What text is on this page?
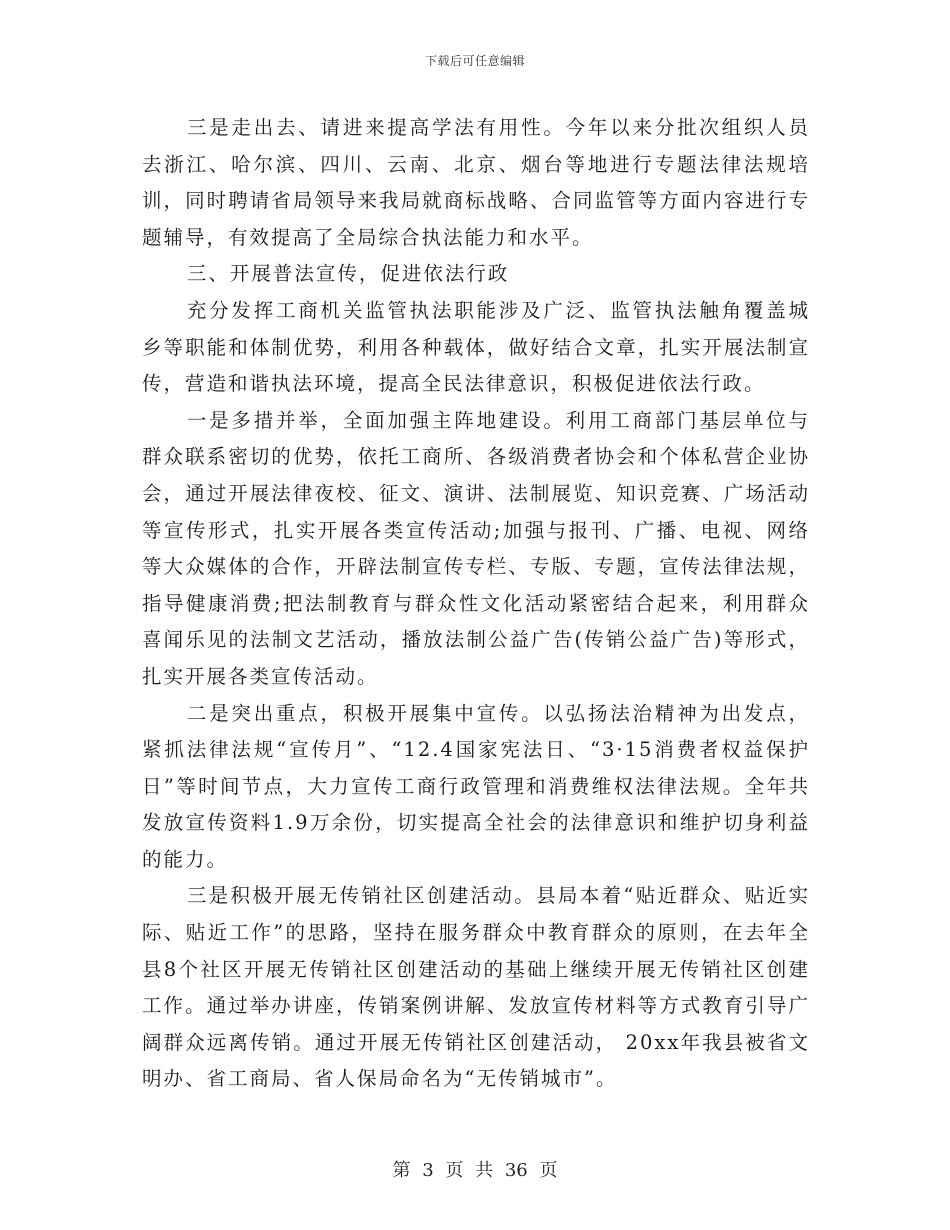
下载后可任意编辑

三是走出去、请进来提高学法有用性。今年以来分批次组织人员去浙江、哈尔滨、四川、云南、北京、烟台等地进行专题法律法规培训，同时聘请省局领导来我局就商标战略、合同监管等方面内容进行专题辅导，有效提高了全局综合执法能力和水平。

三、开展普法宣传，促进依法行政

充分发挥工商机关监管执法职能涉及广泛、监管执法触角覆盖城乡等职能和体制优势，利用各种载体，做好结合文章，扎实开展法制宣传，营造和谐执法环境，提高全民法律意识，积极促进依法行政。

一是多措并举，全面加强主阵地建设。利用工商部门基层单位与群众联系密切的优势，依托工商所、各级消费者协会和个体私营企业协会，通过开展法律夜校、征文、演讲、法制展览、知识竞赛、广场活动等宣传形式，扎实开展各类宣传活动;加强与报刊、广播、电视、网络等大众媒体的合作，开辟法制宣传专栏、专版、专题，宣传法律法规，指导健康消费;把法制教育与群众性文化活动紧密结合起来，利用群众喜闻乐见的法制文艺活动，播放法制公益广告(传销公益广告)等形式，扎实开展各类宣传活动。

二是突出重点，积极开展集中宣传。以弘扬法治精神为出发点，紧抓法律法规“宣传月”、“12.4国家宪法日、“3·15消费者权益保护日”等时间节点，大力宣传工商行政管理和消费维权法律法规。全年共发放宣传资料1.9万余份，切实提高全社会的法律意识和维护切身利益的能力。

三是积极开展无传销社区创建活动。县局本着“贴近群众、贴近实际、贴近工作”的思路，坚持在服务群众中教育群众的原则，在去年全县8个社区开展无传销社区创建活动的基础上继续开展无传销社区创建工作。通过举办讲座，传销案例讲解、发放宣传材料等方式教育引导广阔群众远离传销。通过开展无传销社区创建活动， 20xx年我县被省文明办、省工商局、省人保局命名为“无传销城市”。

第 3 页 共 36 页
